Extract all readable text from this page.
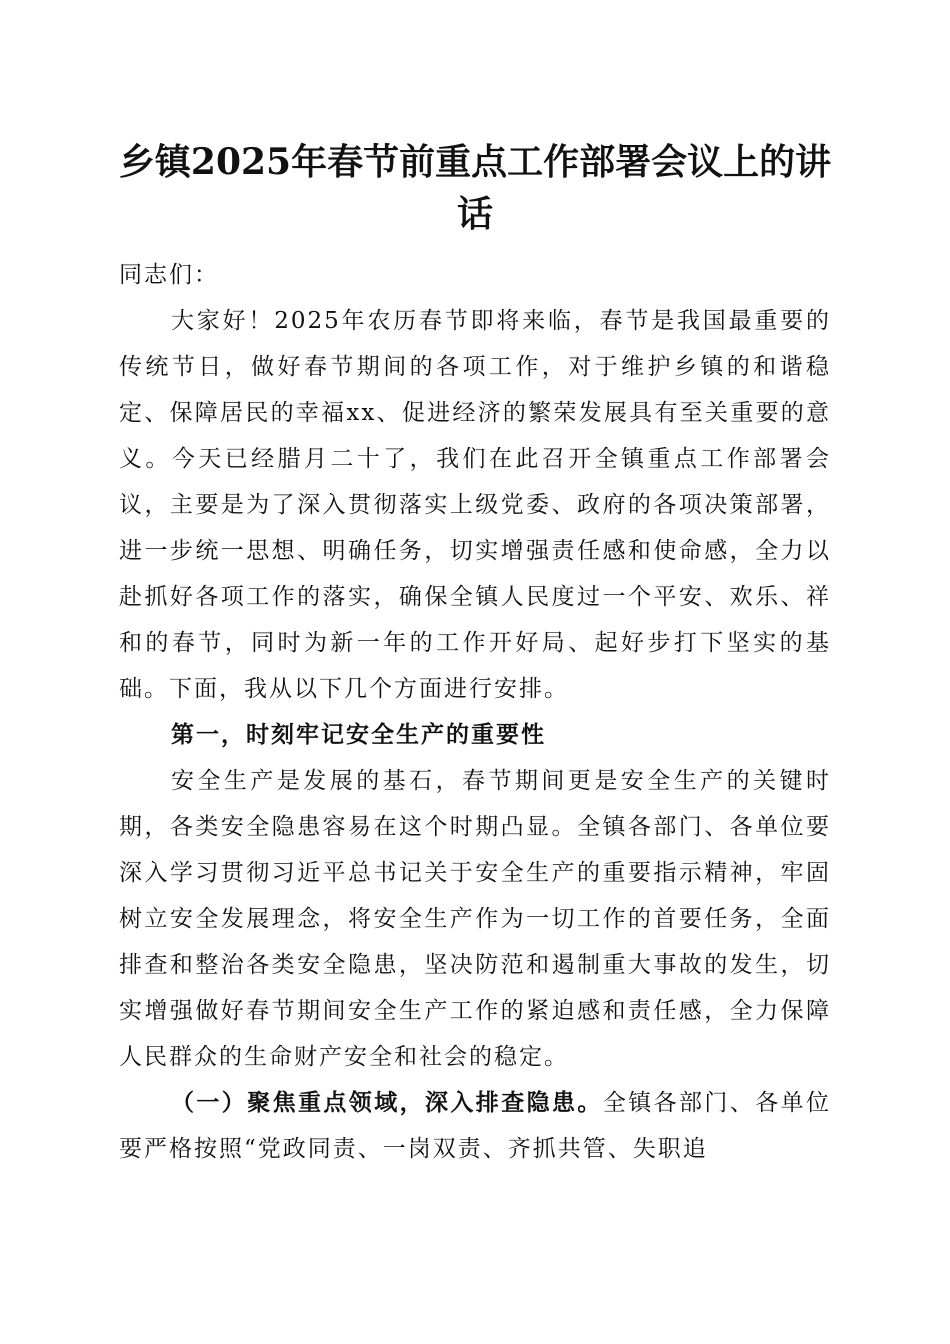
乡镇2025年春节前重点工作部署会议上的讲话

同志们：

大家好！2025年农历春节即将来临，春节是我国最重要的传统节日，做好春节期间的各项工作，对于维护乡镇的和谐稳定、保障居民的幸福xx、促进经济的繁荣发展具有至关重要的意义。今天已经腊月二十了，我们在此召开全镇重点工作部署会议，主要是为了深入贯彻落实上级党委、政府的各项决策部署，进一步统一思想、明确任务，切实增强责任感和使命感，全力以赴抓好各项工作的落实，确保全镇人民度过一个平安、欢乐、祥和的春节，同时为新一年的工作开好局、起好步打下坚实的基础。下面，我从以下几个方面进行安排。

第一，时刻牢记安全生产的重要性

安全生产是发展的基石，春节期间更是安全生产的关键时期，各类安全隐患容易在这个时期凸显。全镇各部门、各单位要深入学习贯彻习近平总书记关于安全生产的重要指示精神，牢固树立安全发展理念，将安全生产作为一切工作的首要任务，全面排查和整治各类安全隐患，坚决防范和遏制重大事故的发生，切实增强做好春节期间安全生产工作的紧迫感和责任感，全力保障人民群众的生命财产安全和社会的稳定。

（一）聚焦重点领域，深入排查隐患。全镇各部门、各单位要严格按照“党政同责、一岗双责、齐抓共管、失职追
